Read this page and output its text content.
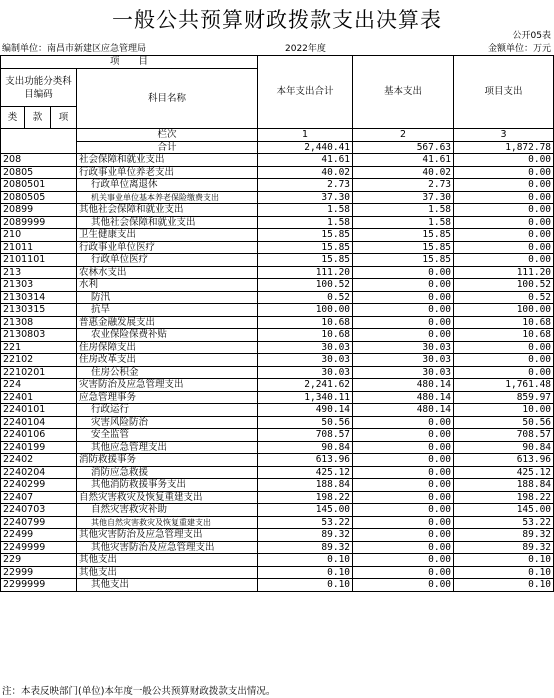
一般公共预算财政拨款支出决算表
公开05表
编制单位：南昌市新建区应急管理局	2022年度	金额单位：万元
项　　目				本年支出合计	基本支出	项目支出
支出功能分类科目编码			科目名称			
类	款	项				
			栏次	1	2	3
			合计	2,440.41	567.63	1,872.78
208			社会保障和就业支出	41.61	41.61	0.00
20805			行政事业单位养老支出	40.02	40.02	0.00
2080501			行政单位离退休	2.73	2.73	0.00
2080505			机关事业单位基本养老保险缴费支出	37.30	37.30	0.00
20899			其他社会保障和就业支出	1.58	1.58	0.00
2089999			其他社会保障和就业支出	1.58	1.58	0.00
210			卫生健康支出	15.85	15.85	0.00
21011			行政事业单位医疗	15.85	15.85	0.00
2101101			行政单位医疗	15.85	15.85	0.00
213			农林水支出	111.20	0.00	111.20
21303			水利	100.52	0.00	100.52
2130314			防汛	0.52	0.00	0.52
2130315			抗旱	100.00	0.00	100.00
21308			普惠金融发展支出	10.68	0.00	10.68
2130803			农业保险保费补贴	10.68	0.00	10.68
221			住房保障支出	30.03	30.03	0.00
22102			住房改革支出	30.03	30.03	0.00
2210201			住房公积金	30.03	30.03	0.00
224			灾害防治及应急管理支出	2,241.62	480.14	1,761.48
22401			应急管理事务	1,340.11	480.14	859.97
2240101			行政运行	490.14	480.14	10.00
2240104			灾害风险防治	50.56	0.00	50.56
2240106			安全监管	708.57	0.00	708.57
2240199			其他应急管理支出	90.84	0.00	90.84
22402			消防救援事务	613.96	0.00	613.96
2240204			消防应急救援	425.12	0.00	425.12
2240299			其他消防救援事务支出	188.84	0.00	188.84
22407			自然灾害救灾及恢复重建支出	198.22	0.00	198.22
2240703			自然灾害救灾补助	145.00	0.00	145.00
2240799			其他自然灾害救灾及恢复重建支出	53.22	0.00	53.22
22499			其他灾害防治及应急管理支出	89.32	0.00	89.32
2249999			其他灾害防治及应急管理支出	89.32	0.00	89.32
229			其他支出	0.10	0.00	0.10
22999			其他支出	0.10	0.00	0.10
2299999			其他支出	0.10	0.00	0.10
注：本表反映部门(单位)本年度一般公共预算财政拨款支出情况。
